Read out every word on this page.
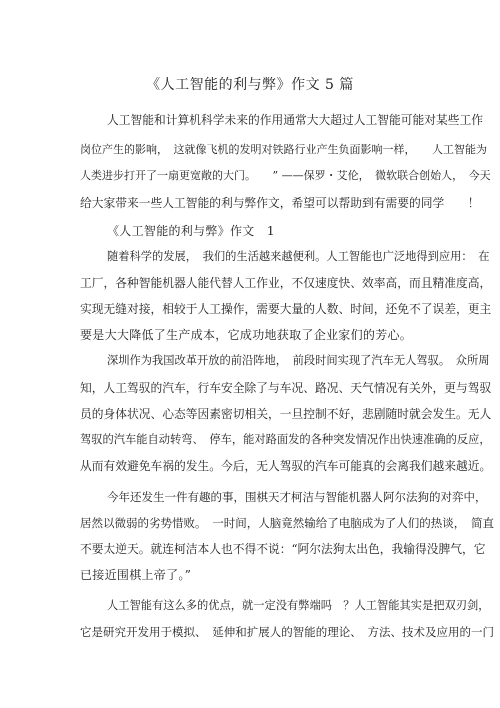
《人工智能的利与弊》作文 5 篇
人工智能和计算机科学未来的作用通常大大超过人工智能可能对某些工作
岗位产生的影响，　这就像飞机的发明对铁路行业产生负面影响一样，　　人工智能为
人类进步打开了一扇更宽敞的大门。　　” ——保罗・艾伦，　微软联合创始人，　今天
给大家带来一些人工智能的利与弊作文，希望可以帮助到有需要的同学　　！
《人工智能的利与弊》作文　1
随着科学的发展，　我们的生活越来越便利。人工智能也广泛地得到应用：　在
工厂，各种智能机器人能代替人工作业，不仅速度快、效率高，而且精准度高，
实现无缝对接，相较于人工操作，需要大量的人数、时间，还免不了误差，更主
要是大大降低了生产成本，它成功地获取了企业家们的芳心。
深圳作为我国改革开放的前沿阵地，　前段时间实现了汽车无人驾驭。　众所周
知，人工驾驭的汽车，行车安全除了与车况、路况、天气情况有关外，更与驾驭
员的身体状况、心态等因素密切相关，一旦控制不好，悲剧随时就会发生。无人
驾驭的汽车能自动转弯、　停车，能对路面发的各种突发情况作出快速准确的反应，
从而有效避免车祸的发生。今后，无人驾驭的汽车可能真的会离我们越来越近。
今年还发生一件有趣的事，围棋天才柯洁与智能机器人阿尔法狗的对弈中，
居然以微弱的劣势惜败。　一时间，人脑竟然输给了电脑成为了人们的热谈，　简直
不要太逆天。就连柯洁本人也不得不说：“阿尔法狗太出色，我输得没脾气，它
已接近围棋上帝了。”
人工智能有这么多的优点，就一定没有弊端吗　？人工智能其实是把双刃剑，
它是研究开发用于模拟、　延伸和扩展人的智能的理论、　方法、技术及应用的一门
